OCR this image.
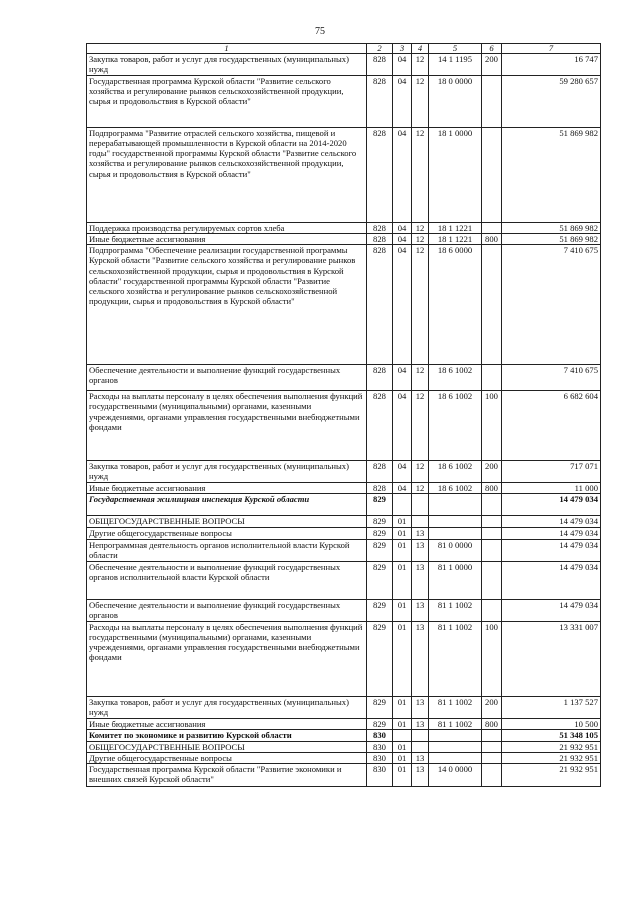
75
1	2	3	4	5	6	7
Закупка товаров, работ и услуг для государственных (муниципальных) нужд	828	04	12	14 1 1195	200	16 747
Государственная программа Курской области "Развитие сельского хозяйства и регулирование рынков сельскохозяйственной продукции, сырья и продовольствия в Курской области"	828	04	12	18 0 0000		59 280 657
Подпрограмма "Развитие отраслей сельского хозяйства, пищевой и перерабатывающей промышленности в Курской области на 2014-2020 годы" государственной программы Курской области "Развитие сельского хозяйства и регулирование рынков сельскохозяйственной продукции, сырья и продовольствия в Курской области"	828	04	12	18 1 0000		51 869 982
Поддержка производства регулируемых сортов хлеба	828	04	12	18 1 1221		51 869 982
Иные бюджетные ассигнования	828	04	12	18 1 1221	800	51 869 982
Подпрограмма "Обеспечение реализации государственной программы Курской области "Развитие сельского хозяйства и регулирование рынков сельскохозяйственной продукции, сырья и продовольствия в Курской области" государственной программы Курской области "Развитие сельского хозяйства и регулирование рынков сельскохозяйственной продукции, сырья и продовольствия в Курской области"	828	04	12	18 6 0000		7 410 675
Обеспечение деятельности и выполнение функций государственных органов	828	04	12	18 6 1002		7 410 675
Расходы на выплаты персоналу в целях обеспечения выполнения функций государственными (муниципальными) органами, казенными учреждениями, органами управления государственными внебюджетными фондами	828	04	12	18 6 1002	100	6 682 604
Закупка товаров, работ и услуг для государственных (муниципальных) нужд	828	04	12	18 6 1002	200	717 071
Иные бюджетные ассигнования	828	04	12	18 6 1002	800	11 000
Государственная жилищная инспекция Курской области	829					14 479 034
ОБЩЕГОСУДАРСТВЕННЫЕ ВОПРОСЫ	829	01				14 479 034
Другие общегосударственные вопросы	829	01	13			14 479 034
Непрограммная деятельность органов исполнительной власти Курской области	829	01	13	81 0 0000		14 479 034
Обеспечение деятельности и выполнение функций государственных органов исполнительной власти Курской области	829	01	13	81 1 0000		14 479 034
Обеспечение деятельности и выполнение функций государственных органов	829	01	13	81 1 1002		14 479 034
Расходы на выплаты персоналу в целях обеспечения выполнения функций государственными (муниципальными) органами, казенными учреждениями, органами управления государственными внебюджетными фондами	829	01	13	81 1 1002	100	13 331 007
Закупка товаров, работ и услуг для государственных (муниципальных) нужд	829	01	13	81 1 1002	200	1 137 527
Иные бюджетные ассигнования	829	01	13	81 1 1002	800	10 500
Комитет по экономике и развитию Курской области	830					51 348 105
ОБЩЕГОСУДАРСТВЕННЫЕ ВОПРОСЫ	830	01				21 932 951
Другие общегосударственные вопросы	830	01	13			21 932 951
Государственная программа Курской области "Развитие экономики и внешних связей Курской области"	830	01	13	14 0 0000		21 932 951
